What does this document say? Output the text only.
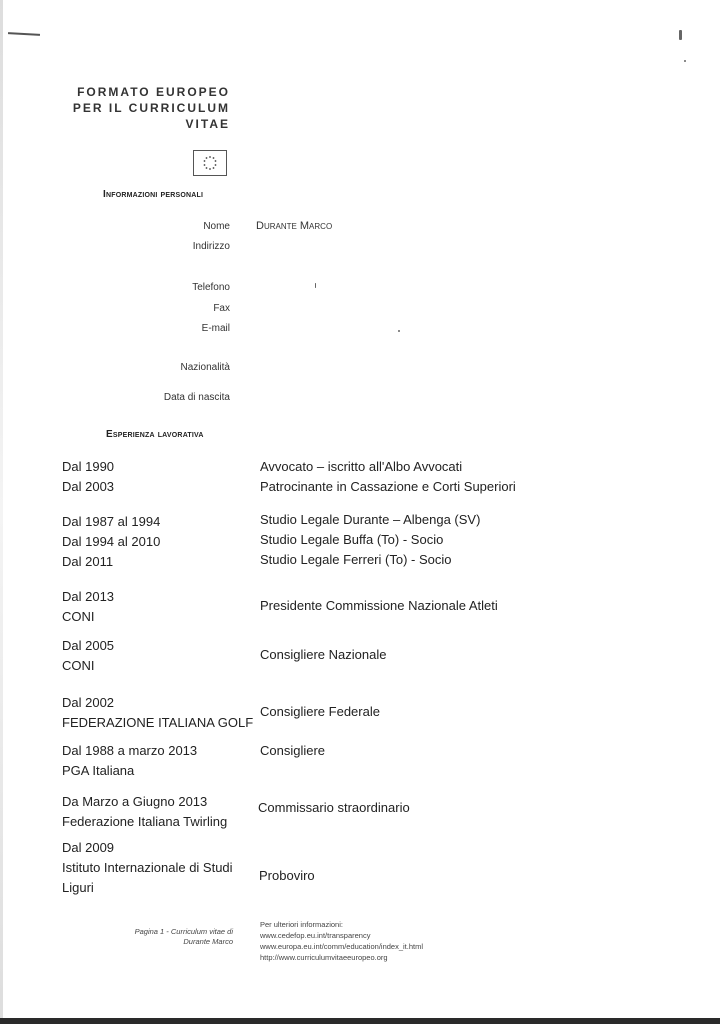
FORMATO EUROPEO
PER IL CURRICULUM
VITAE
Informazioni personali
Nome Durante Marco
Indirizzo
Telefono
Fax
E-mail
Nazionalità
Data di nascita
Esperienza lavorativa
Dal 1990
Dal 2003
Avvocato – iscritto all'Albo Avvocati
Patrocinante in Cassazione e Corti Superiori
Dal 1987 al 1994
Dal 1994 al 2010
Dal 2011
Studio Legale Durante – Albenga (SV)
Studio Legale Buffa (To) - Socio
Studio Legale Ferreri (To) - Socio
Dal 2013
CONI
Presidente Commissione Nazionale Atleti
Dal 2005
CONI
Consigliere Nazionale
Dal 2002
FEDERAZIONE ITALIANA GOLF
Consigliere Federale
Dal 1988 a marzo 2013
PGA Italiana
Consigliere
Da Marzo a Giugno 2013
Federazione Italiana Twirling
Commissario straordinario
Dal 2009
Istituto Internazionale di Studi
Liguri
Proboviro
Pagina 1 - Curriculum vitae di
Durante Marco
Per ulteriori informazioni:
www.cedefop.eu.int/transparency
www.europa.eu.int/comm/education/index_it.html
http://www.curriculumvitaeeuropeo.org
